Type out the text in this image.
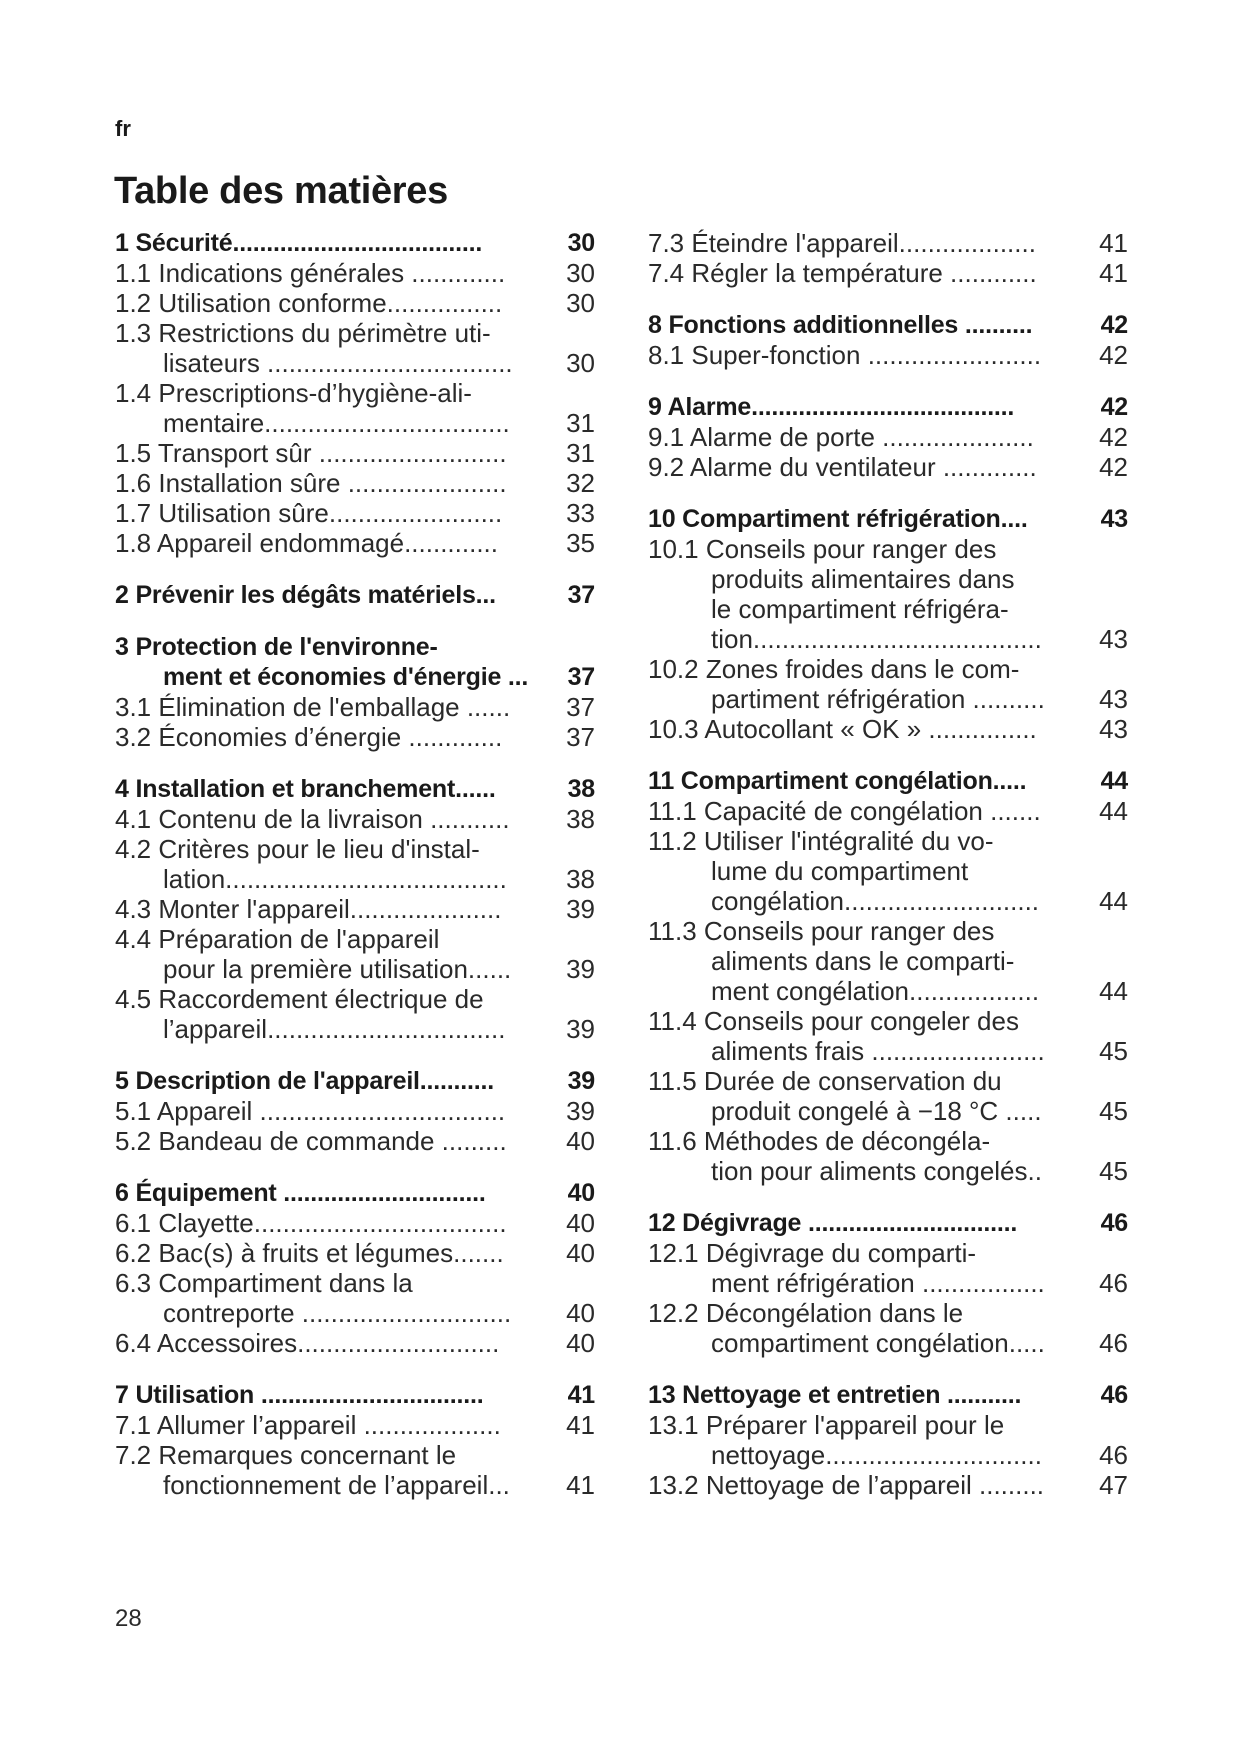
fr
Table des matières
1 Sécurité.....................................	30
1.1 Indications générales .............	30
1.2 Utilisation conforme................	30
1.3 Restrictions du périmètre uti-
lisateurs ..................................	30
1.4 Prescriptions-d’hygiène-ali-
mentaire..................................	31
1.5 Transport sûr ..........................	31
1.6 Installation sûre ......................	32
1.7 Utilisation sûre........................	33
1.8 Appareil endommagé.............	35
2 Prévenir les dégâts matériels...	37
3 Protection de l'environne-
ment et économies d'énergie ...	37
3.1 Élimination de l'emballage ......	37
3.2 Économies d’énergie .............	37
4 Installation et branchement......	38
4.1 Contenu de la livraison ...........	38
4.2 Critères pour le lieu d'instal-
lation.......................................	38
4.3 Monter l'appareil.....................	39
4.4 Préparation de l'appareil
pour la première utilisation......	39
4.5 Raccordement électrique de
l’appareil.................................	39
5 Description de l'appareil...........	39
5.1 Appareil ..................................	39
5.2 Bandeau de commande .........	40
6 Équipement ..............................	40
6.1 Clayette...................................	40
6.2 Bac(s) à fruits et légumes.......	40
6.3 Compartiment dans la
contreporte .............................	40
6.4 Accessoires............................	40
7 Utilisation .................................	41
7.1 Allumer l’appareil ...................	41
7.2 Remarques concernant le
fonctionnement de l’appareil...	41
7.3 Éteindre l'appareil...................	41
7.4 Régler la température ............	41
8 Fonctions additionnelles ..........	42
8.1 Super-fonction ........................	42
9 Alarme.......................................	42
9.1 Alarme de porte .....................	42
9.2 Alarme du ventilateur .............	42
10 Compartiment réfrigération....	43
10.1 Conseils pour ranger des
produits alimentaires dans
le compartiment réfrigéra-
tion........................................	43
10.2 Zones froides dans le com-
partiment réfrigération ..........	43
10.3 Autocollant « OK » ...............	43
11 Compartiment congélation.....	44
11.1 Capacité de congélation .......	44
11.2 Utiliser l'intégralité du vo-
lume du compartiment
congélation...........................	44
11.3 Conseils pour ranger des
aliments dans le comparti-
ment congélation..................	44
11.4 Conseils pour congeler des
aliments frais ........................	45
11.5 Durée de conservation du
produit congelé à −18 °C .....	45
11.6 Méthodes de décongéla-
tion pour aliments congelés..	45
12 Dégivrage ...............................	46
12.1 Dégivrage du comparti-
ment réfrigération .................	46
12.2 Décongélation dans le
compartiment congélation.....	46
13 Nettoyage et entretien ...........	46
13.1 Préparer l'appareil pour le
nettoyage..............................	46
13.2 Nettoyage de l’appareil .........	47
28
